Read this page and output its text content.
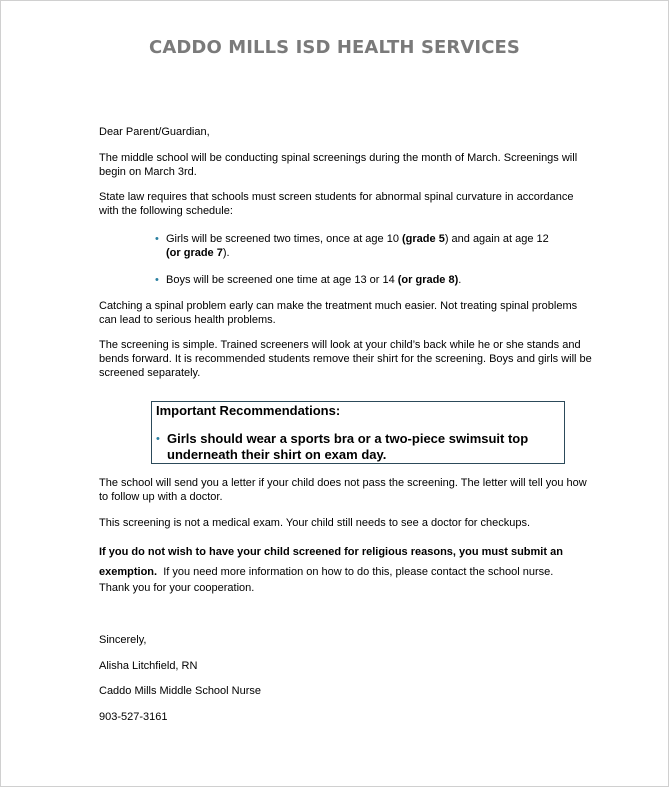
CADDO MILLS ISD HEALTH SERVICES
Dear Parent/Guardian,

The middle school will be conducting spinal screenings during the month of March. Screenings will

begin on March 3rd.

State law requires that schools must screen students for abnormal spinal curvature in accordance

with the following schedule:

• Girls will be screened two times, once at age 10 (grade 5) and again at age 12
(or grade 7).
• Boys will be screened one time at age 13 or 14 (or grade 8).

Catching a spinal problem early can make the treatment much easier. Not treating spinal problems

can lead to serious health problems.

The screening is simple. Trained screeners will look at your child’s back while he or she stands and

bends forward. It is recommended students remove their shirt for the screening. Boys and girls will be

screened separately.

Important Recommendations:
• Girls should wear a sports bra or a two-piece swimsuit top
underneath their shirt on exam day.

The school will send you a letter if your child does not pass the screening. The letter will tell you how

to follow up with a doctor.

This screening is not a medical exam. Your child still needs to see a doctor for checkups.

If you do not wish to have your child screened for religious reasons, you must submit an

exemption.  If you need more information on how to do this, please contact the school nurse.

Thank you for your cooperation.
Sincerely,
Alisha Litchfield, RN
Caddo Mills Middle School Nurse
903-527-3161
